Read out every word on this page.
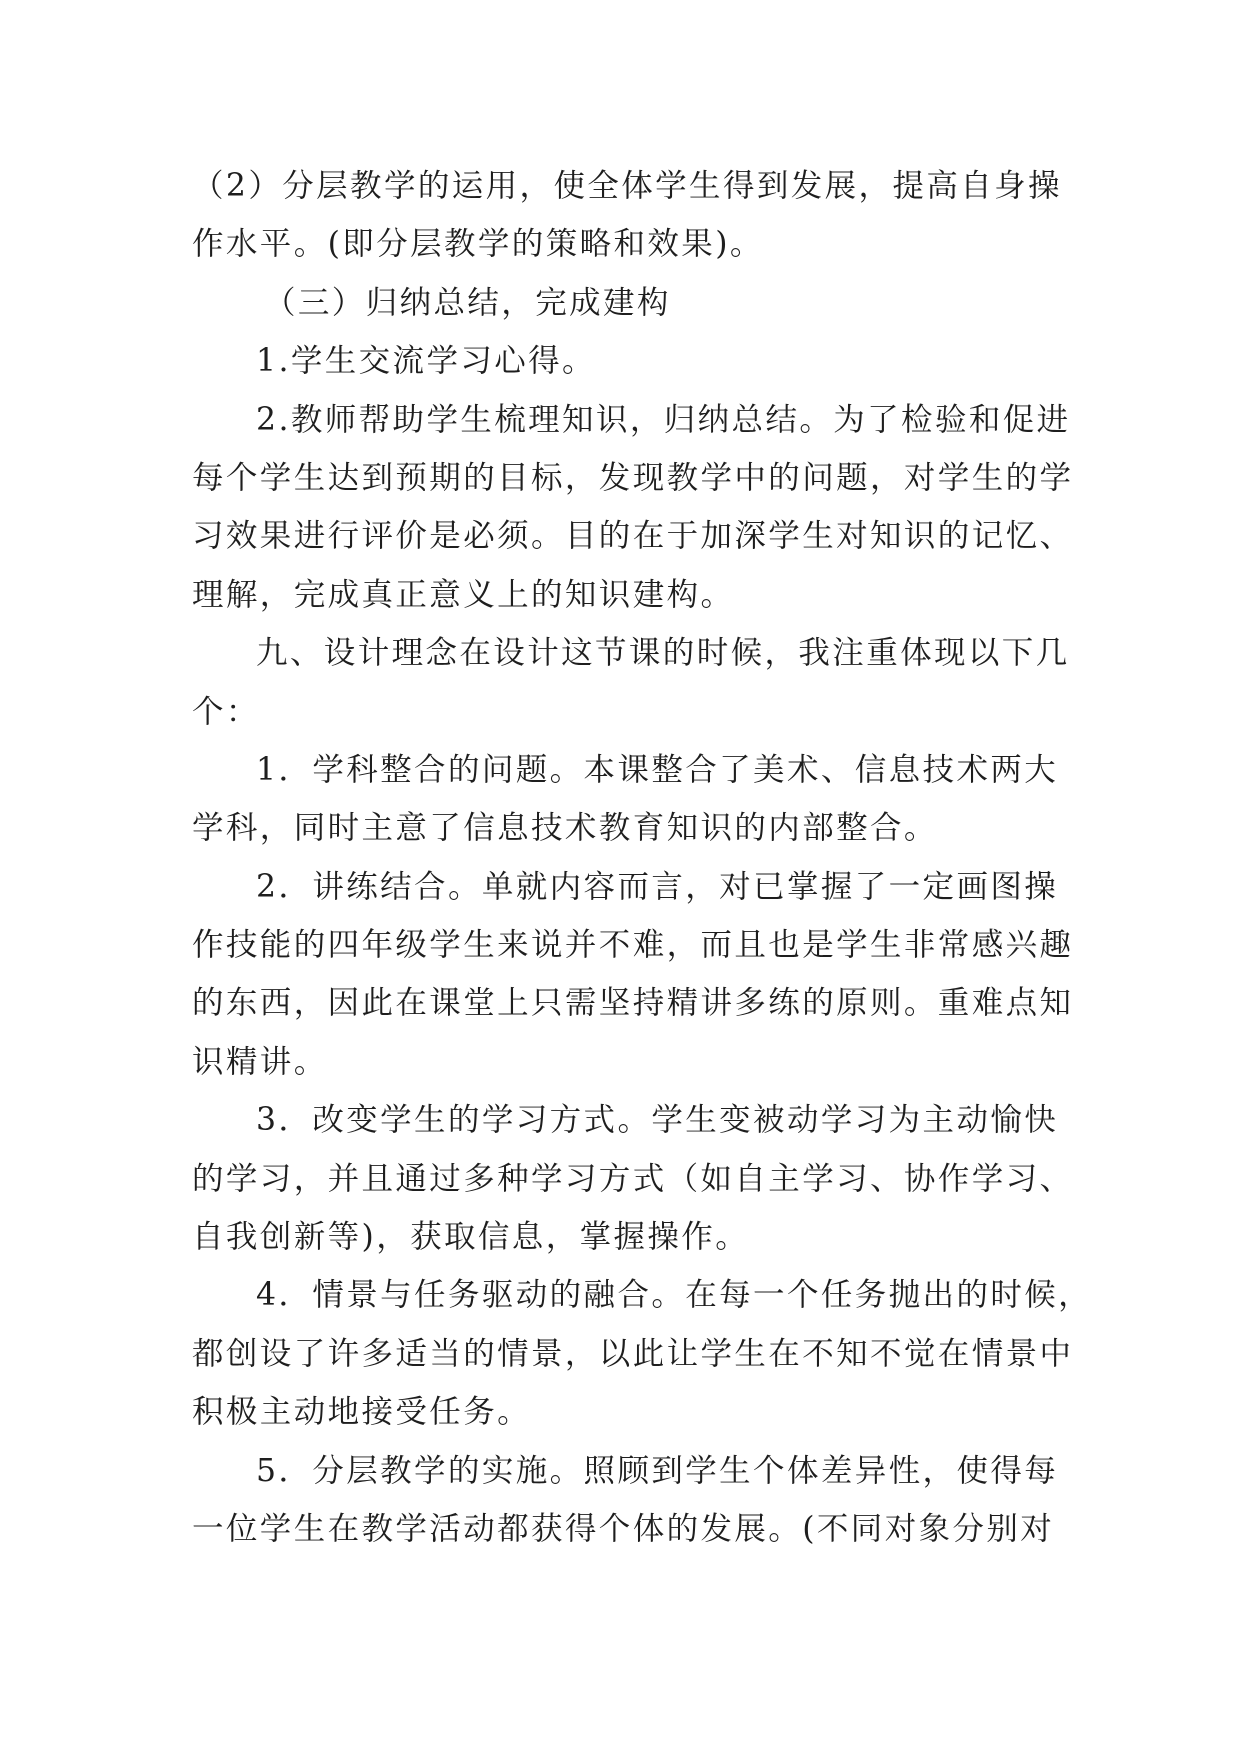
（2）分层教学的运用，使全体学生得到发展，提高自身操
作水平。(即分层教学的策略和效果)。
（三）归纳总结，完成建构
1.学生交流学习心得。
2.教师帮助学生梳理知识，归纳总结。为了检验和促进
每个学生达到预期的目标，发现教学中的问题，对学生的学
习效果进行评价是必须。目的在于加深学生对知识的记忆、
理解，完成真正意义上的知识建构。
九、设计理念在设计这节课的时候，我注重体现以下几
个：
1．学科整合的问题。本课整合了美术、信息技术两大
学科，同时主意了信息技术教育知识的内部整合。
2．讲练结合。单就内容而言，对已掌握了一定画图操
作技能的四年级学生来说并不难，而且也是学生非常感兴趣
的东西，因此在课堂上只需坚持精讲多练的原则。重难点知
识精讲。
3．改变学生的学习方式。学生变被动学习为主动愉快
的学习，并且通过多种学习方式（如自主学习、协作学习、
自我创新等)，获取信息，掌握操作。
4．情景与任务驱动的融合。在每一个任务抛出的时候，
都创设了许多适当的情景，以此让学生在不知不觉在情景中
积极主动地接受任务。
5．分层教学的实施。照顾到学生个体差异性，使得每
一位学生在教学活动都获得个体的发展。(不同对象分别对
